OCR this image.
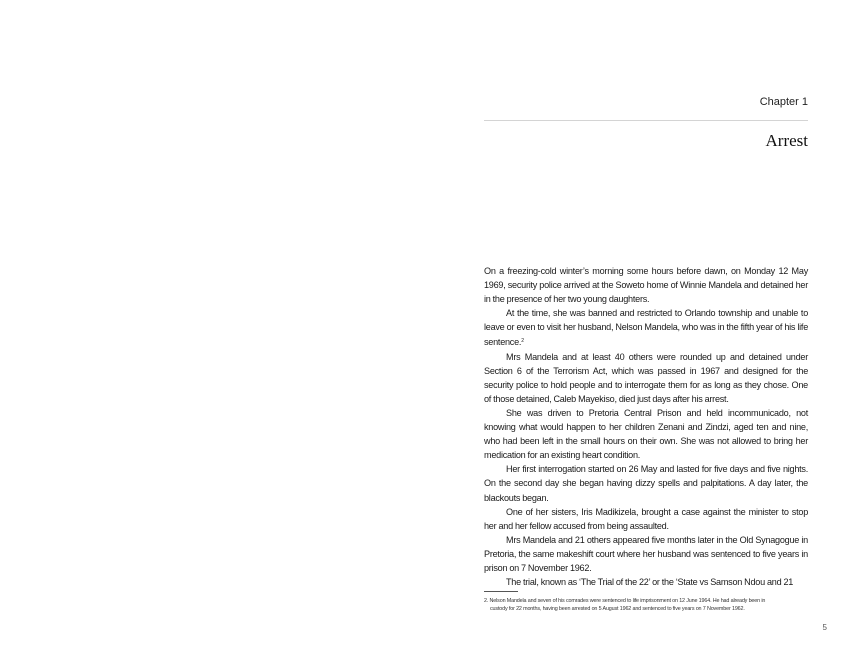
Chapter 1
Arrest

On a freezing-cold winter’s morning some hours before dawn, on Monday 12 May 1969, security police arrived at the Soweto home of Winnie Mandela and detained her in the presence of her two young daughters.

At the time, she was banned and restricted to Orlando township and unable to leave or even to visit her husband, Nelson Mandela, who was in the fifth year of his life sentence.$^2$

Mrs Mandela and at least 40 others were rounded up and detained under Section 6 of the Terrorism Act, which was passed in 1967 and designed for the security police to hold people and to interrogate them for as long as they chose. One of those detained, Caleb Mayekiso, died just days after his arrest.

She was driven to Pretoria Central Prison and held incommunicado, not knowing what would happen to her children Zenani and Zindzi, aged ten and nine, who had been left in the small hours on their own. She was not allowed to bring her medication for an existing heart condition.

Her first interrogation started on 26 May and lasted for five days and five nights. On the second day she began having dizzy spells and palpitations. A day later, the blackouts began.

One of her sisters, Iris Madikizela, brought a case against the minister to stop her and her fellow accused from being assaulted.

Mrs Mandela and 21 others appeared five months later in the Old Synagogue in Pretoria, the same makeshift court where her husband was sentenced to five years in prison on 7 November 1962.

The trial, known as ‘The Trial of the 22’ or the ‘State vs Samson Ndou and 21

2. Nelson Mandela and seven of his comrades were sentenced to life imprisonment on 12 June 1964. He had already been in
custody for 22 months, having been arrested on 5 August 1962 and sentenced to five years on 7 November 1962.
5
